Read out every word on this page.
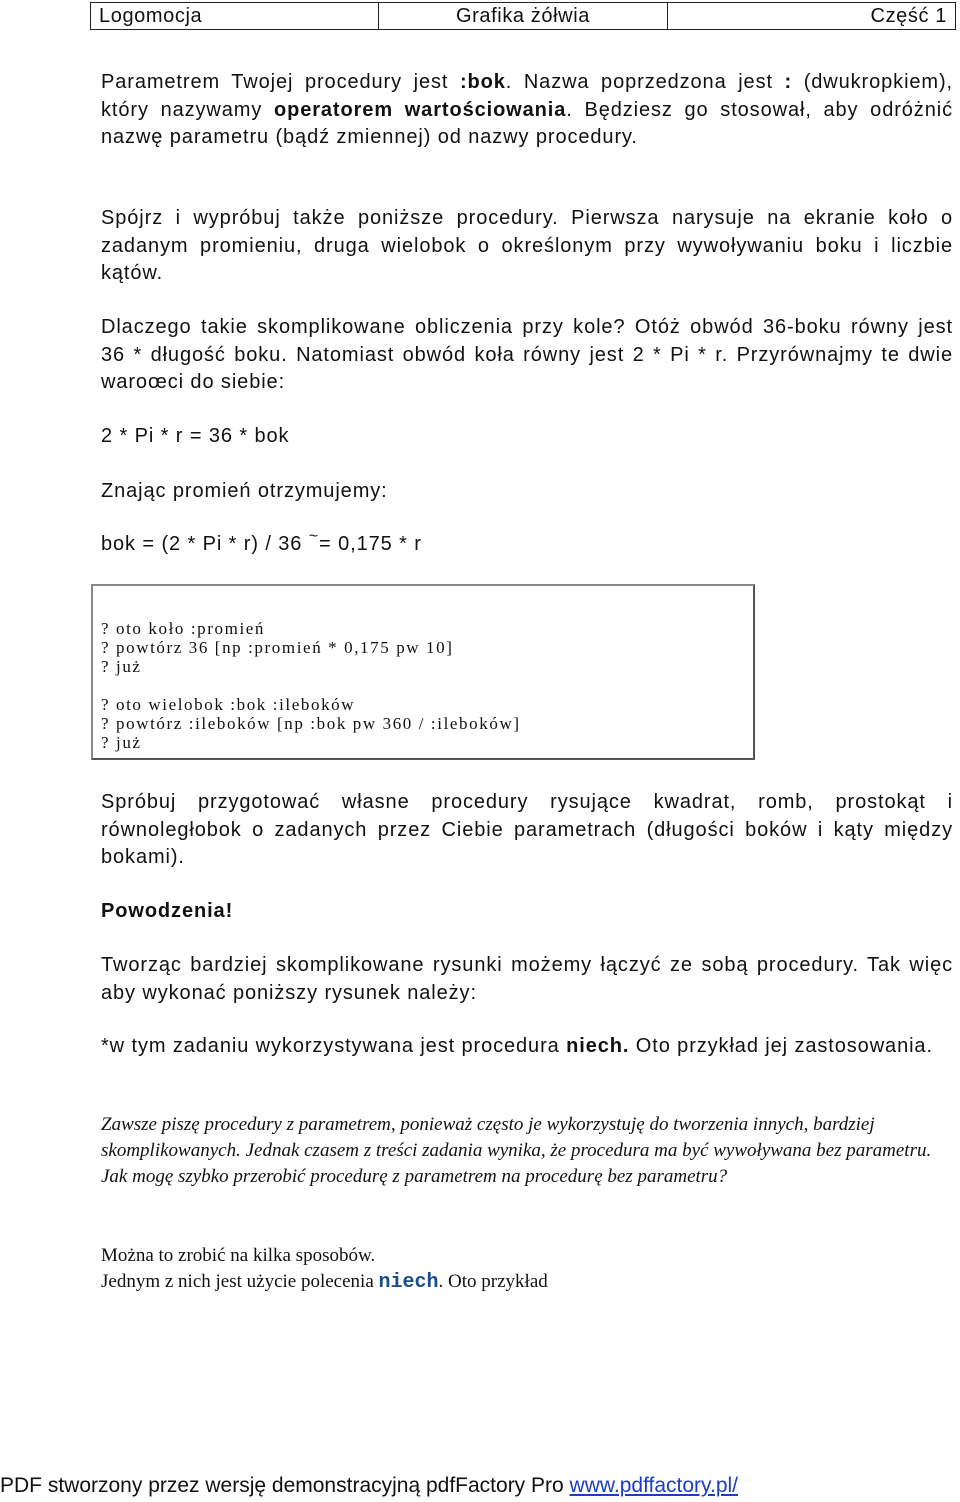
Logomocja	Grafika żółwia	Część 1
Parametrem Twojej procedury jest :bok. Nazwa poprzedzona jest : (dwukropkiem), który nazywamy operatorem wartościowania. Będziesz go stosował, aby odróżnić nazwę parametru (bądź zmiennej) od nazwy procedury.
Spójrz i wypróbuj także poniższe procedury. Pierwsza narysuje na ekranie koło o zadanym promieniu, druga wielobok o określonym przy wywoływaniu boku i liczbie kątów.
Dlaczego takie skomplikowane obliczenia przy kole? Otóż obwód 36-boku równy jest 36 * długość boku. Natomiast obwód koła równy jest 2 * Pi * r. Przyrównajmy te dwie waroœci do siebie:
2 * Pi * r = 36 * bok
Znając promień otrzymujemy:
bok = (2 * Pi * r) / 36 ~= 0,175 * r
? oto koło :promień
? powtórz 36 [np :promień * 0,175 pw 10]
? już
? oto wielobok :bok :ileboków
? powtórz :ileboków [np :bok pw 360 / :ileboków]
? już
Spróbuj przygotować własne procedury rysujące kwadrat, romb, prostokąt i równoległobok o zadanych przez Ciebie parametrach (długości boków i kąty między bokami).
Powodzenia!
Tworząc bardziej skomplikowane rysunki możemy łączyć ze sobą procedury. Tak więc aby wykonać poniższy rysunek należy:
*w tym zadaniu wykorzystywana jest procedura niech. Oto przykład jej zastosowania.
Zawsze piszę procedury z parametrem, ponieważ często je wykorzystuję do tworzenia innych, bardziej skomplikowanych. Jednak czasem z treści zadania wynika, że procedura ma być wywoływana bez parametru. Jak mogę szybko przerobić procedurę z parametrem na procedurę bez parametru?
Można to zrobić na kilka sposobów.
Jednym z nich jest użycie polecenia niech. Oto przykład
PDF stworzony przez wersję demonstracyjną pdfFactory Pro www.pdffactory.pl/
